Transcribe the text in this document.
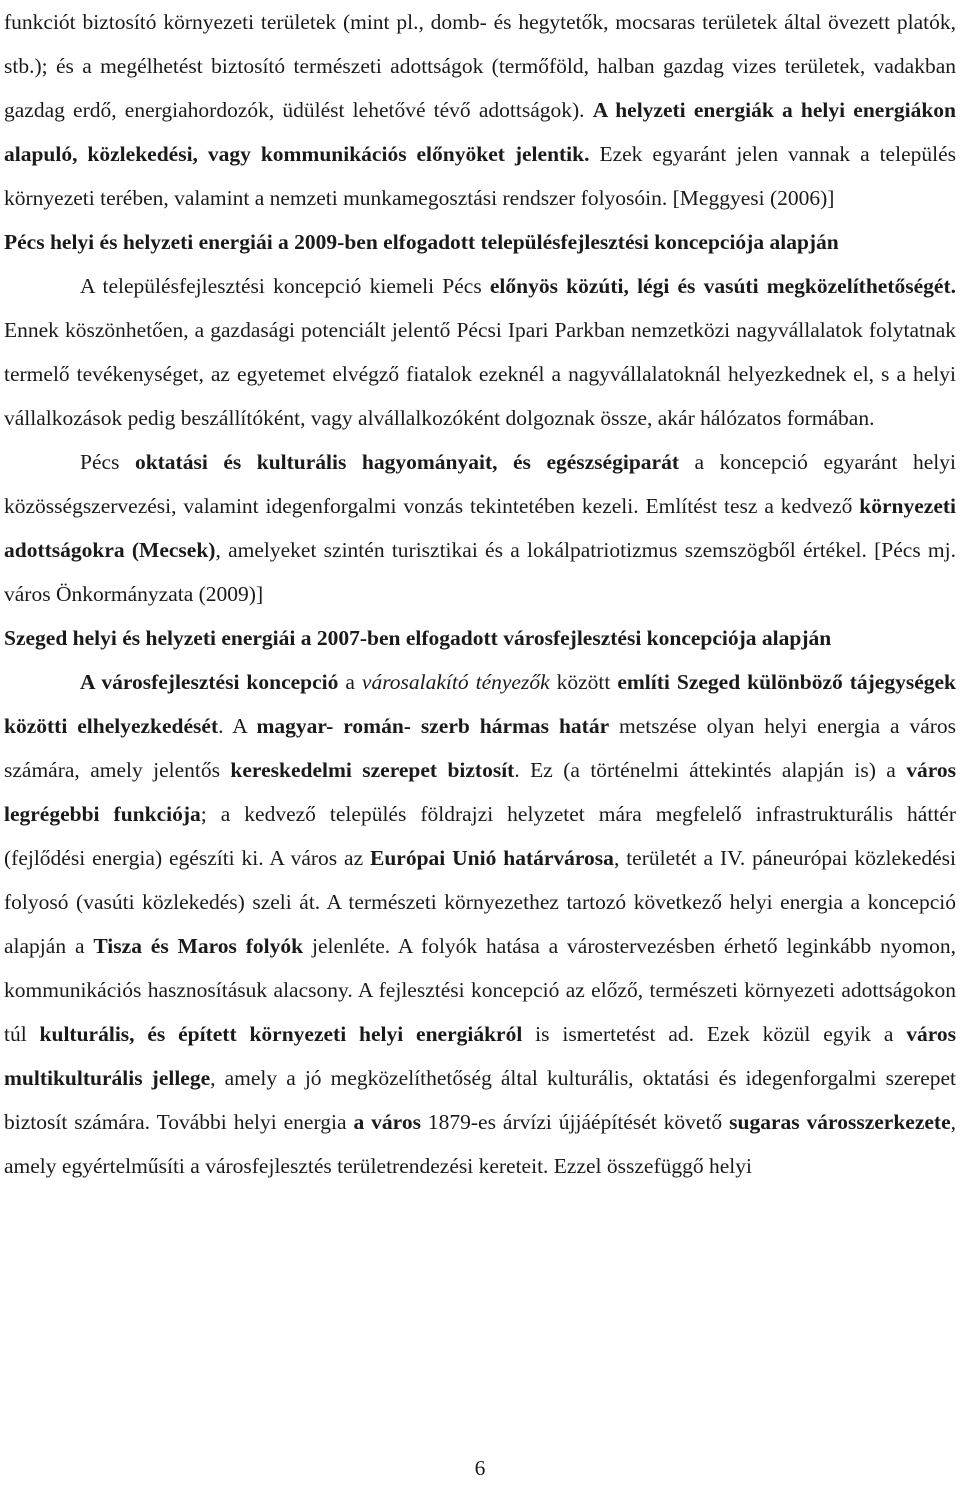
funkciót biztosító környezeti területek (mint pl., domb- és hegytetők, mocsaras területek által övezett platók, stb.); és a megélhetést biztosító természeti adottságok (termőföld, halban gazdag vizes területek, vadakban gazdag erdő, energiahordozók, üdülést lehetővé tévő adottságok). A helyzeti energiák a helyi energiákon alapuló, közlekedési, vagy kommunikációs előnyöket jelentik. Ezek egyaránt jelen vannak a település környezeti terében, valamint a nemzeti munkamegosztási rendszer folyosóin. [Meggyesi (2006)]

Pécs helyi és helyzeti energiái a 2009-ben elfogadott településfejlesztési koncepciója alapján

A településfejlesztési koncepció kiemeli Pécs előnyös közúti, légi és vasúti megközelíthetőségét. Ennek köszönhetően, a gazdasági potenciált jelentő Pécsi Ipari Parkban nemzetközi nagyvállalatok folytatnak termelő tevékenységet, az egyetemet elvégző fiatalok ezeknél a nagyvállalatoknál helyezkednek el, s a helyi vállalkozások pedig beszállítóként, vagy alvállalkozóként dolgoznak össze, akár hálózatos formában.

Pécs oktatási és kulturális hagyományait, és egészségiparát a koncepció egyaránt helyi közösségszervezési, valamint idegenforgalmi vonzás tekintetében kezeli. Említést tesz a kedvező környezeti adottságokra (Mecsek), amelyeket szintén turisztikai és a lokálpatriotizmus szemszögből értékel. [Pécs mj. város Önkormányzata (2009)]

Szeged helyi és helyzeti energiái a 2007-ben elfogadott városfejlesztési koncepciója alapján

A városfejlesztési koncepció a városalakító tényezők között említi Szeged különböző tájegységek közötti elhelyezkedését. A magyar- román- szerb hármas határ metszése olyan helyi energia a város számára, amely jelentős kereskedelmi szerepet biztosít. Ez (a történelmi áttekintés alapján is) a város legrégebbi funkciója; a kedvező település földrajzi helyzetet mára megfelelő infrastrukturális háttér (fejlődési energia) egészíti ki. A város az Európai Unió határvárosa, területét a IV. páneurópai közlekedési folyosó (vasúti közlekedés) szeli át. A természeti környezethez tartozó következő helyi energia a koncepció alapján a Tisza és Maros folyók jelenléte. A folyók hatása a várostervezésben érhető leginkább nyomon, kommunikációs hasznosításuk alacsony. A fejlesztési koncepció az előző, természeti környezeti adottságokon túl kulturális, és épített környezeti helyi energiákról is ismertetést ad. Ezek közül egyik a város multikulturális jellege, amely a jó megközelíthetőség által kulturális, oktatási és idegenforgalmi szerepet biztosít számára. További helyi energia a város 1879-es árvízi újjáépítését követő sugaras városszerkezete, amely egyértelműsíti a városfejlesztés területrendezési kereteit. Ezzel összefüggő helyi

6
